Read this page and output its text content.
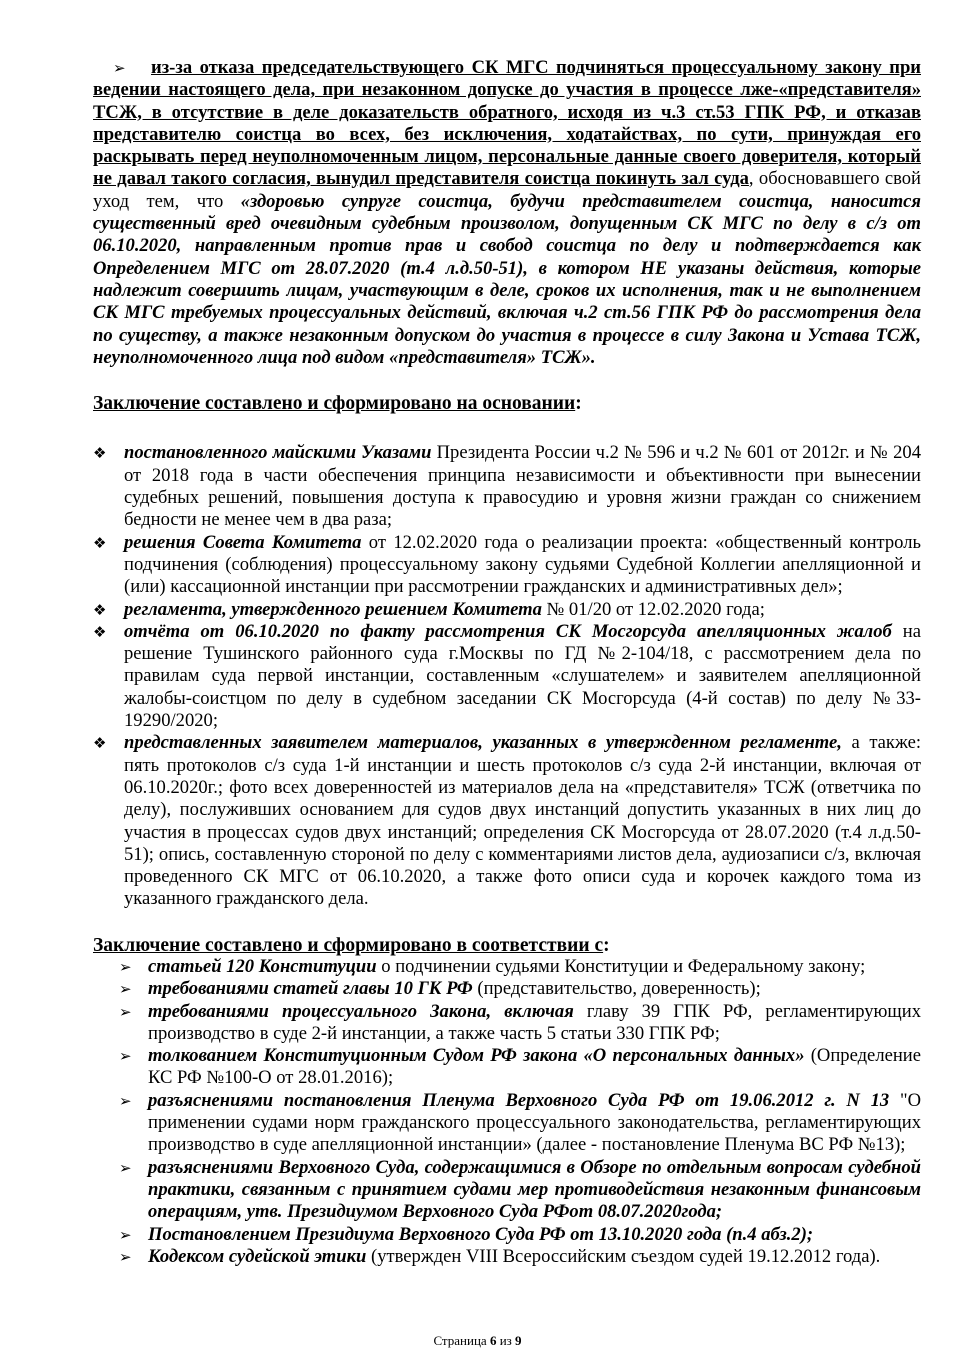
➢ из-за отказа председательствующего СК МГС подчиняться процессуальному закону при ведении настоящего дела, при незаконном допуске до участия в процессе лже-«представителя» ТСЖ, в отсутствие в деле доказательств обратного, исходя из ч.3 ст.53 ГПК РФ, и отказав представителю соистца во всех, без исключения, ходатайствах, по сути, принуждая его раскрывать перед неуполномоченным лицом, персональные данные своего доверителя, который не давал такого согласия, вынудил представителя соистца покинуть зал суда, обосновавшего свой уход тем, что «здоровью супруге соистца, будучи представителем соистца, наносится существенный вред очевидным судебным произволом, допущенным СК МГС по делу в с/з от 06.10.2020, направленным против прав и свобод соистца по делу и подтверждается как Определением МГС от 28.07.2020 (т.4 л.д.50-51), в котором НЕ указаны действия, которые надлежит совершить лицам, участвующим в деле, сроков их исполнения, так и не выполнением СК МГС требуемых процессуальных действий, включая ч.2 ст.56 ГПК РФ до рассмотрения дела по существу, а также незаконным допуском до участия в процессе в силу Закона и Устава ТСЖ, неуполномоченного лица под видом «представителя» ТСЖ».

Заключение составлено и сформировано на основании:
❖ постановленного майскими Указами Президента России ч.2 № 596 и ч.2 № 601 от 2012г. и № 204 от 2018 года в части обеспечения принципа независимости и объективности при вынесении судебных решений, повышения доступа к правосудию и уровня жизни граждан со снижением бедности не менее чем в два раза;
❖ решения Совета Комитета от 12.02.2020 года о реализации проекта: «общественный контроль подчинения (соблюдения) процессуальному закону судьями Судебной Коллегии апелляционной и (или) кассационной инстанции при рассмотрении гражданских и административных дел»;
❖ регламента, утвержденного решением Комитета № 01/20 от 12.02.2020 года;
❖ отчёта от 06.10.2020 по факту рассмотрения СК Мосгорсуда апелляционных жалоб на решение Тушинского районного суда г.Москвы по ГД №2-104/18, с рассмотрением дела по правилам суда первой инстанции, составленным «слушателем» и заявителем апелляционной жалобы-соистцом по делу в судебном заседании СК Мосгорсуда (4-й состав) по делу №33-19290/2020;
❖ представленных заявителем материалов, указанных в утвержденном регламенте, а также: пять протоколов с/з суда 1-й инстанции и шесть протоколов с/з суда 2-й инстанции, включая от 06.10.2020г.; фото всех доверенностей из материалов дела на «представителя» ТСЖ (ответчика по делу), послуживших основанием для судов двух инстанций допустить указанных в них лиц до участия в процессах судов двух инстанций; определения СК Мосгорсуда от 28.07.2020 (т.4 л.д.50-51); опись, составленную стороной по делу с комментариями листов дела, аудиозаписи с/з, включая проведенного СК МГС от 06.10.2020, а также фото описи суда и корочек каждого тома из указанного гражданского дела.
Заключение составлено и сформировано в соответствии с:
➢ статьей 120 Конституции о подчинении судьями Конституции и Федеральному закону;
➢ требованиями статей главы 10 ГК РФ (представительство, доверенность);
➢ требованиями процессуального Закона, включая главу 39 ГПК РФ, регламентирующих производство в суде 2-й инстанции, а также часть 5 статьи 330 ГПК РФ;
➢ толкованием Конституционным Судом РФ закона «О персональных данных» (Определение КС РФ №100-О от 28.01.2016);
➢ разъяснениями постановления Пленума Верховного Суда РФ от 19.06.2012 г. N 13 "О применении судами норм гражданского процессуального законодательства, регламентирующих производство в суде апелляционной инстанции» (далее - постановление Пленума ВС РФ №13);
➢ разъяснениями Верховного Суда, содержащимися в Обзоре по отдельным вопросам судебной практики, связанным с принятием судами мер противодействия незаконным финансовым операциям, утв. Президиумом Верховного Суда РФот 08.07.2020года;
➢ Постановлением Президиума Верховного Суда РФ от 13.10.2020 года (п.4 абз.2);
➢ Кодексом судейской этики (утвержден VIII Всероссийским съездом судей 19.12.2012 года).
Страница 6 из 9
